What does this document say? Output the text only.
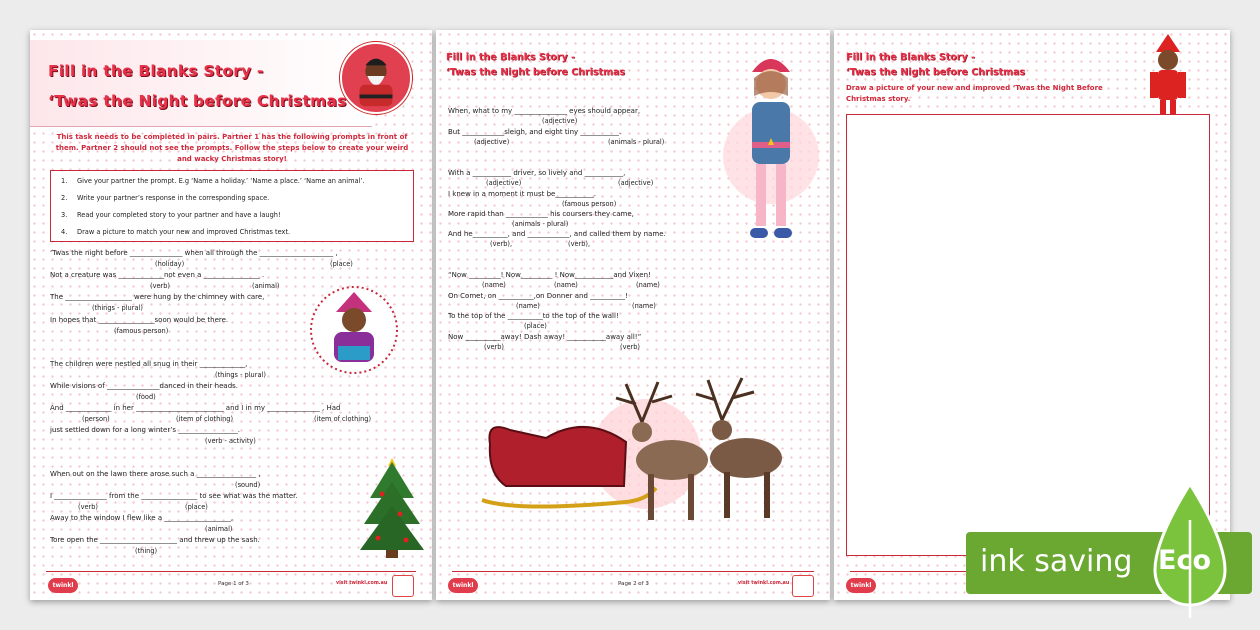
Fill in the Blanks Story -
‘Twas the Night before Christmas
This task needs to be completed in pairs. Partner 1 has the following prompts in front of them. Partner 2 should not see the prompts. Follow the steps below to create your weird and wacky Christmas story!
1. Give your partner the prompt. E.g ‘Name a holiday.’ ‘Name a place.’ ‘Name an animal’.
2. Write your partner’s response in the corresponding space.
3. Read your completed story to your partner and have a laugh!
4. Draw a picture to match your new and improved Christmas text.
‘Twas the night before _______________ when all through the _____________________ ,
(holiday)	(place)
Not a creature was _____________not even a ________________ .
(verb)	(animal)
The ___________________ were hung by the chimney with care,
(things - plural)
In hopes that ________________soon would be there.
(famous person)
The children were nestled all snug in their _____________,
(things - plural)
While visions of _______________danced in their heads.
(food)
And _____________ in her _________________________ and I in my _______________ , Had
(person)	(item of clothing)	(item of clothing)
just settled down for a long winter’s _________________.
(verb - activity)
When out on the lawn there arose such a _________________ ,
(sound)
I _______________ from the ________________ to see what was the matter.
(verb)	(place)
Away to the window I flew like a ___________________,
(animal)
Tore open the ______________________ and threw up the sash.
(thing)
twinkl	Page 1 of 3	visit twinkl.com.au
Fill in the Blanks Story -
‘Twas the Night before Christmas
When, what to my _______________ eyes should appear,
(adjective)
But ____________sleigh, and eight tiny ___________.
(adjective)	(animals - plural)
With a ___________ driver, so lively and ___________,
(adjective)	(adjective)
I knew in a moment it must be___________.
(famous person)
More rapid than ____________ his coursers they came,
(animals - plural)
And he__________, and ____________, and called them by name.
(verb),	(verb),
“Now _________! Now_________ ! Now___________and Vixen!
(name)	(name)	(name)
On Comet, on __________,on Donner and __________!
(name)	(name)
To the top of the __________to the top of the wall!
(place)
Now __________away! Dash away! ___________away all!”
(verb)	(verb)
twinkl	Page 2 of 3	visit twinkl.com.au
Fill in the Blanks Story -
‘Twas the Night before Christmas
Draw a picture of your new and improved ‘Twas the Night Before Christmas story.
twinkl
ink saving Eco
